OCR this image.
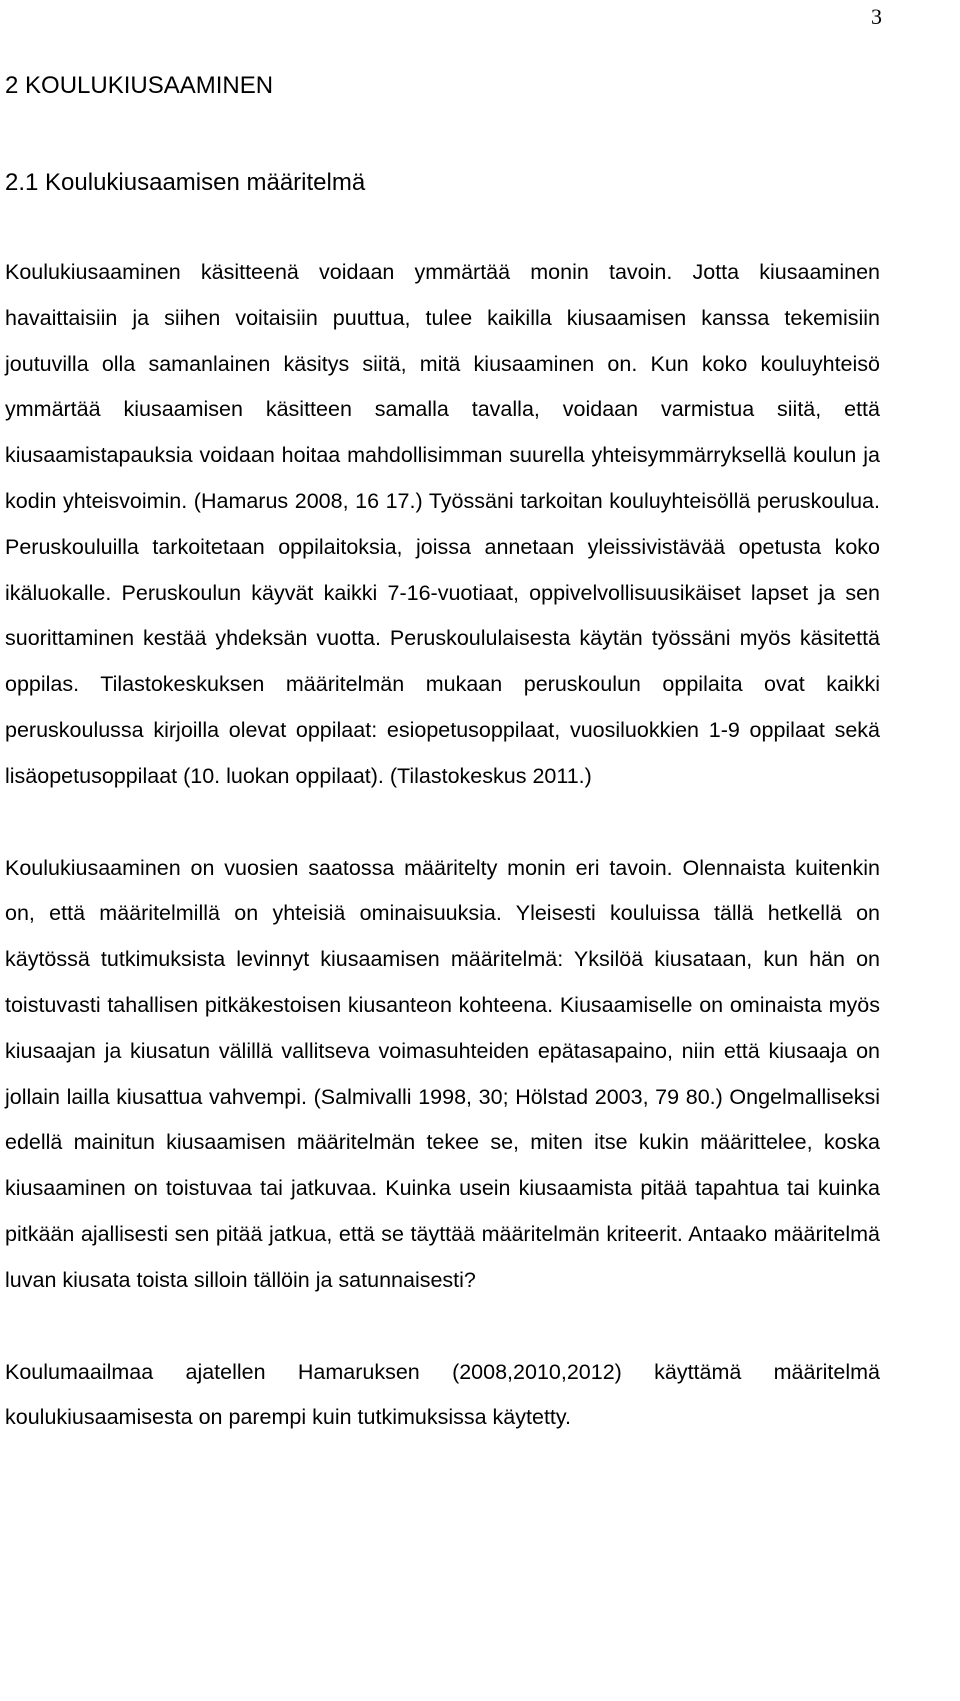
3
2 KOULUKIUSAAMINEN
2.1 Koulukiusaamisen määritelmä

Koulukiusaaminen käsitteenä voidaan ymmärtää monin tavoin. Jotta kiusaaminen havaittaisiin ja siihen voitaisiin puuttua, tulee kaikilla kiusaamisen kanssa tekemisiin joutuvilla olla samanlainen käsitys siitä, mitä kiusaaminen on. Kun koko kouluyhteisö ymmärtää kiusaamisen käsitteen samalla tavalla, voidaan varmistua siitä, että kiusaamistapauksia voidaan hoitaa mahdollisimman suurella yhteisymmärryksellä koulun ja kodin yhteisvoimin. (Hamarus 2008, 16 17.) Työssäni tarkoitan kouluyhteisöllä peruskoulua. Peruskouluilla tarkoitetaan oppilaitoksia, joissa annetaan yleissivistävää opetusta koko ikäluokalle. Peruskoulun käyvät kaikki 7-16-vuotiaat, oppivelvollisuusikäiset lapset ja sen suorittaminen kestää yhdeksän vuotta. Peruskoululaisesta käytän työssäni myös käsitettä oppilas. Tilastokeskuksen määritelmän mukaan peruskoulun oppilaita ovat kaikki peruskoulussa kirjoilla olevat oppilaat: esiopetusoppilaat, vuosiluokkien 1-9 oppilaat sekä lisäopetusoppilaat (10. luokan oppilaat). (Tilastokeskus 2011.)

Koulukiusaaminen on vuosien saatossa määritelty monin eri tavoin. Olennaista kuitenkin on, että määritelmillä on yhteisiä ominaisuuksia. Yleisesti kouluissa tällä hetkellä on käytössä tutkimuksista levinnyt kiusaamisen määritelmä: Yksilöä kiusataan, kun hän on toistuvasti tahallisen pitkäkestoisen kiusanteon kohteena. Kiusaamiselle on ominaista myös kiusaajan ja kiusatun välillä vallitseva voimasuhteiden epätasapaino, niin että kiusaaja on jollain lailla kiusattua vahvempi. (Salmivalli 1998, 30; Hölstad 2003, 79 80.) Ongelmalliseksi edellä mainitun kiusaamisen määritelmän tekee se, miten itse kukin määrittelee, koska kiusaaminen on toistuvaa tai jatkuvaa. Kuinka usein kiusaamista pitää tapahtua tai kuinka pitkään ajallisesti sen pitää jatkua, että se täyttää määritelmän kriteerit. Antaako määritelmä luvan kiusata toista silloin tällöin ja satunnaisesti?

Koulumaailmaa ajatellen Hamaruksen (2008,2010,2012) käyttämä määritelmä koulukiusaamisesta on parempi kuin tutkimuksissa käytetty.
